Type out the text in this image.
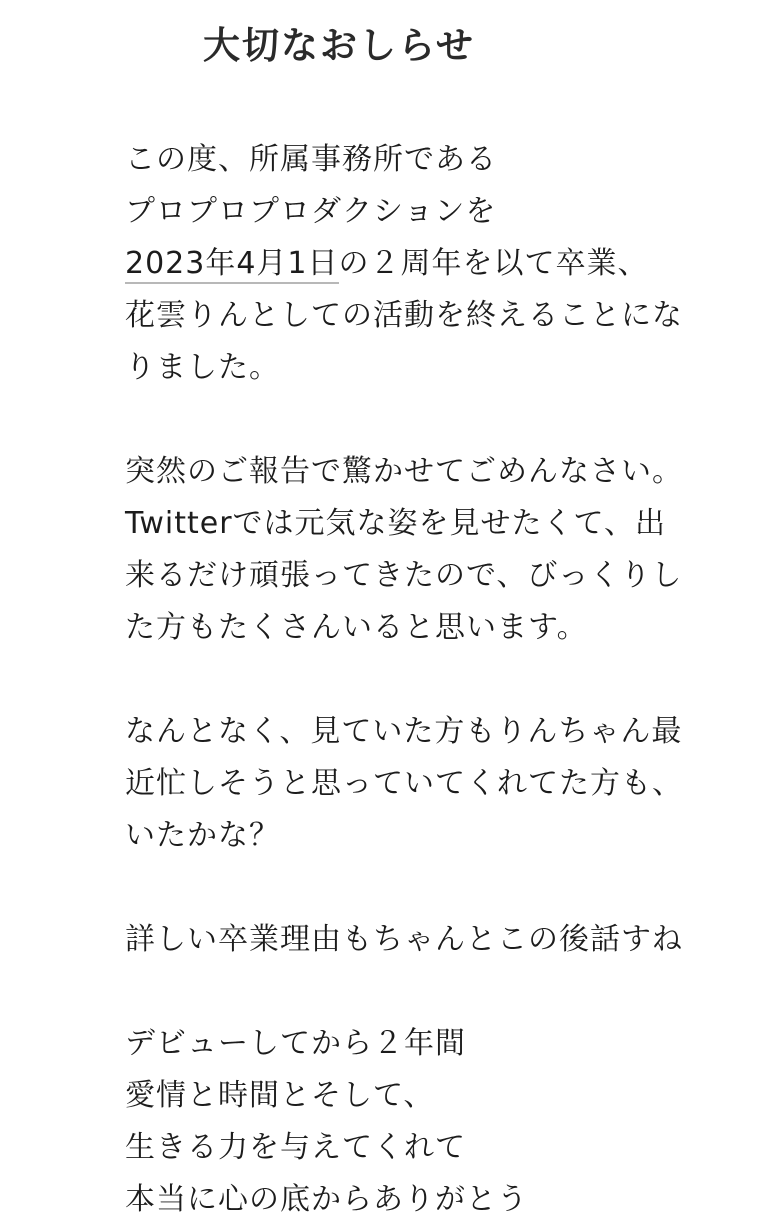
大切なおしらせ
この度、所属事務所である
プロプロプロダクションを
2023年4月1日の２周年を以て卒業、
花雲りんとしての活動を終えることにな
りました。
突然のご報告で驚かせてごめんなさい。
Twitterでは元気な姿を見せたくて、出
来るだけ頑張ってきたので、びっくりし
た方もたくさんいると思います。
なんとなく、見ていた方もりんちゃん最
近忙しそうと思っていてくれてた方も、
いたかな？
詳しい卒業理由もちゃんとこの後話すね
デビューしてから２年間
愛情と時間とそして、
生きる力を与えてくれて
本当に心の底からありがとう
